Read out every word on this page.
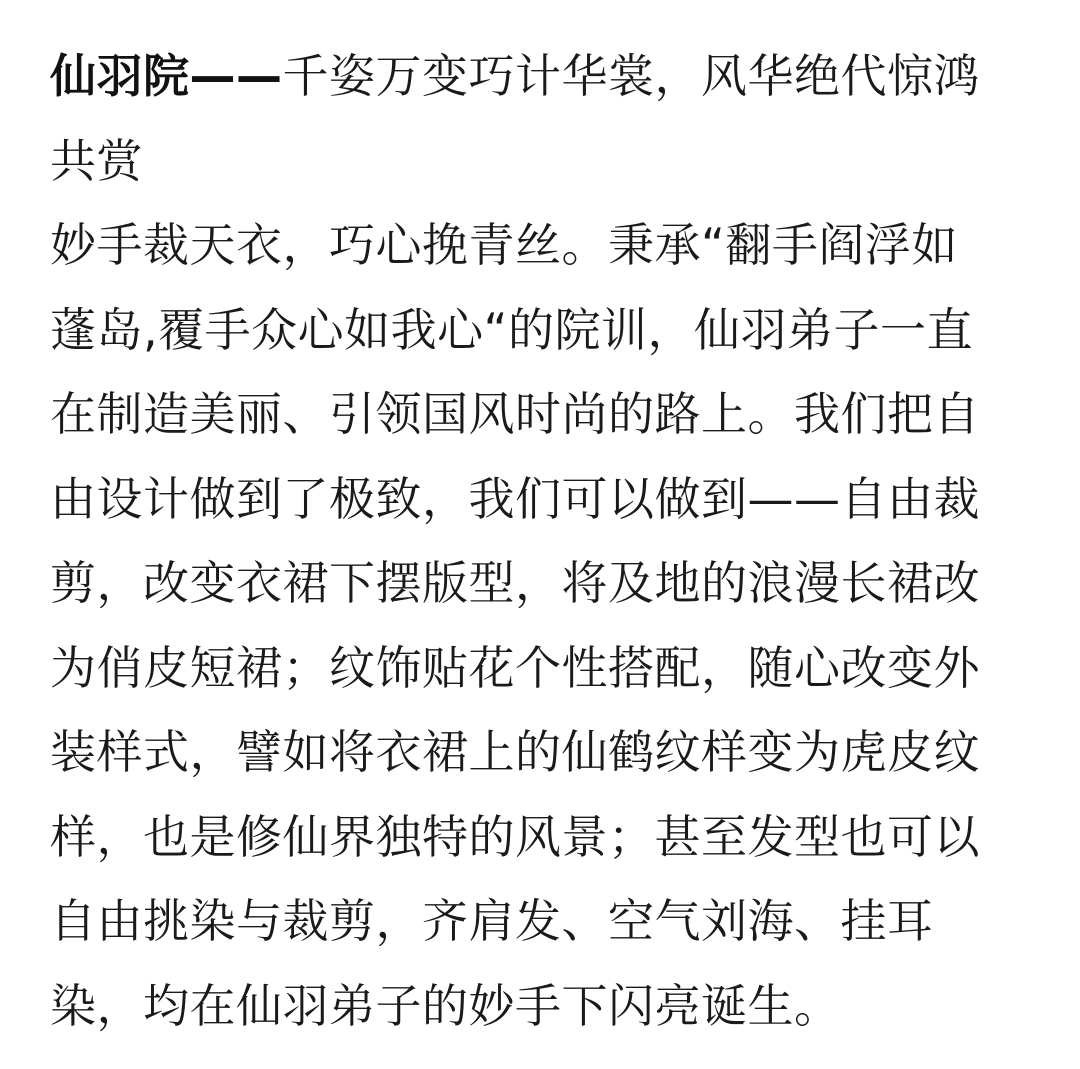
仙羽院——千姿万变巧计华裳，风华绝代惊鸿
共赏
妙手裁天衣，巧心挽青丝。秉承“翻手阎浮如
蓬岛,覆手众心如我心“的院训，仙羽弟子一直
在制造美丽、引领国风时尚的路上。我们把自
由设计做到了极致，我们可以做到——自由裁
剪，改变衣裙下摆版型，将及地的浪漫长裙改
为俏皮短裙；纹饰贴花个性搭配，随心改变外
装样式，譬如将衣裙上的仙鹤纹样变为虎皮纹
样，也是修仙界独特的风景；甚至发型也可以
自由挑染与裁剪，齐肩发、空气刘海、挂耳
染，均在仙羽弟子的妙手下闪亮诞生。
